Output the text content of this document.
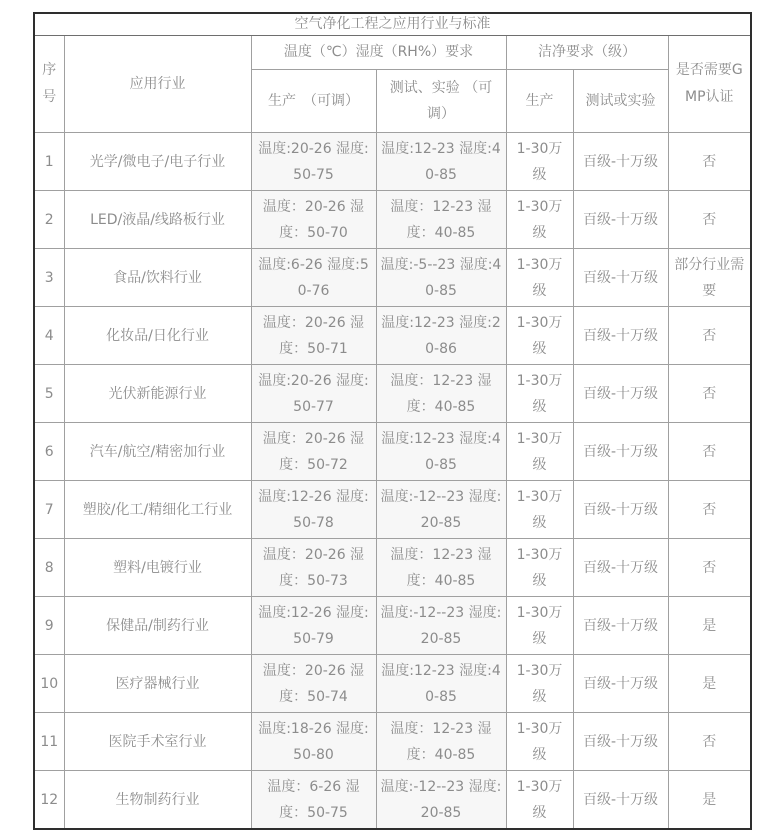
空气净化工程之应用行业与标准						
序号	应用行业	温度（℃）湿度（RH%）要求		洁净要求（级）		是否需要GMP认证
		生产　（可调）	测试、实验 （可调）	生产	测试或实验	
1	光学/微电子/电子行业	温度:20-26 湿度:50-75	温度:12-23 湿度:40-85	1-30万级	百级-十万级	否
2	LED/液晶/线路板行业	温度：20-26 湿度：50-70	温度：12-23 湿度：40-85	1-30万级	百级-十万级	否
3	食品/饮料行业	温度:6-26 湿度:50-76	温度:-5--23 湿度:40-85	1-30万级	百级-十万级	部分行业需要
4	化妆品/日化行业	温度：20-26 湿度：50-71	温度:12-23 湿度:20-86	1-30万级	百级-十万级	否
5	光伏新能源行业	温度:20-26 湿度:50-77	温度：12-23 湿度：40-85	1-30万级	百级-十万级	否
6	汽车/航空/精密加行业	温度：20-26 湿度：50-72	温度:12-23 湿度:40-85	1-30万级	百级-十万级	否
7	塑胶/化工/精细化工行业	温度:12-26 湿度:50-78	温度:-12--23 湿度:20-85	1-30万级	百级-十万级	否
8	塑料/电镀行业	温度：20-26 湿度：50-73	温度：12-23 湿度：40-85	1-30万级	百级-十万级	否
9	保健品/制药行业	温度:12-26 湿度:50-79	温度:-12--23 湿度:20-85	1-30万级	百级-十万级	是
10	医疗器械行业	温度：20-26 湿度：50-74	温度:12-23 湿度:40-85	1-30万级	百级-十万级	是
11	医院手术室行业	温度:18-26 湿度:50-80	温度：12-23 湿度：40-85	1-30万级	百级-十万级	否
12	生物制药行业	温度：6-26 湿度：50-75	温度:-12--23 湿度:20-85	1-30万级	百级-十万级	是
